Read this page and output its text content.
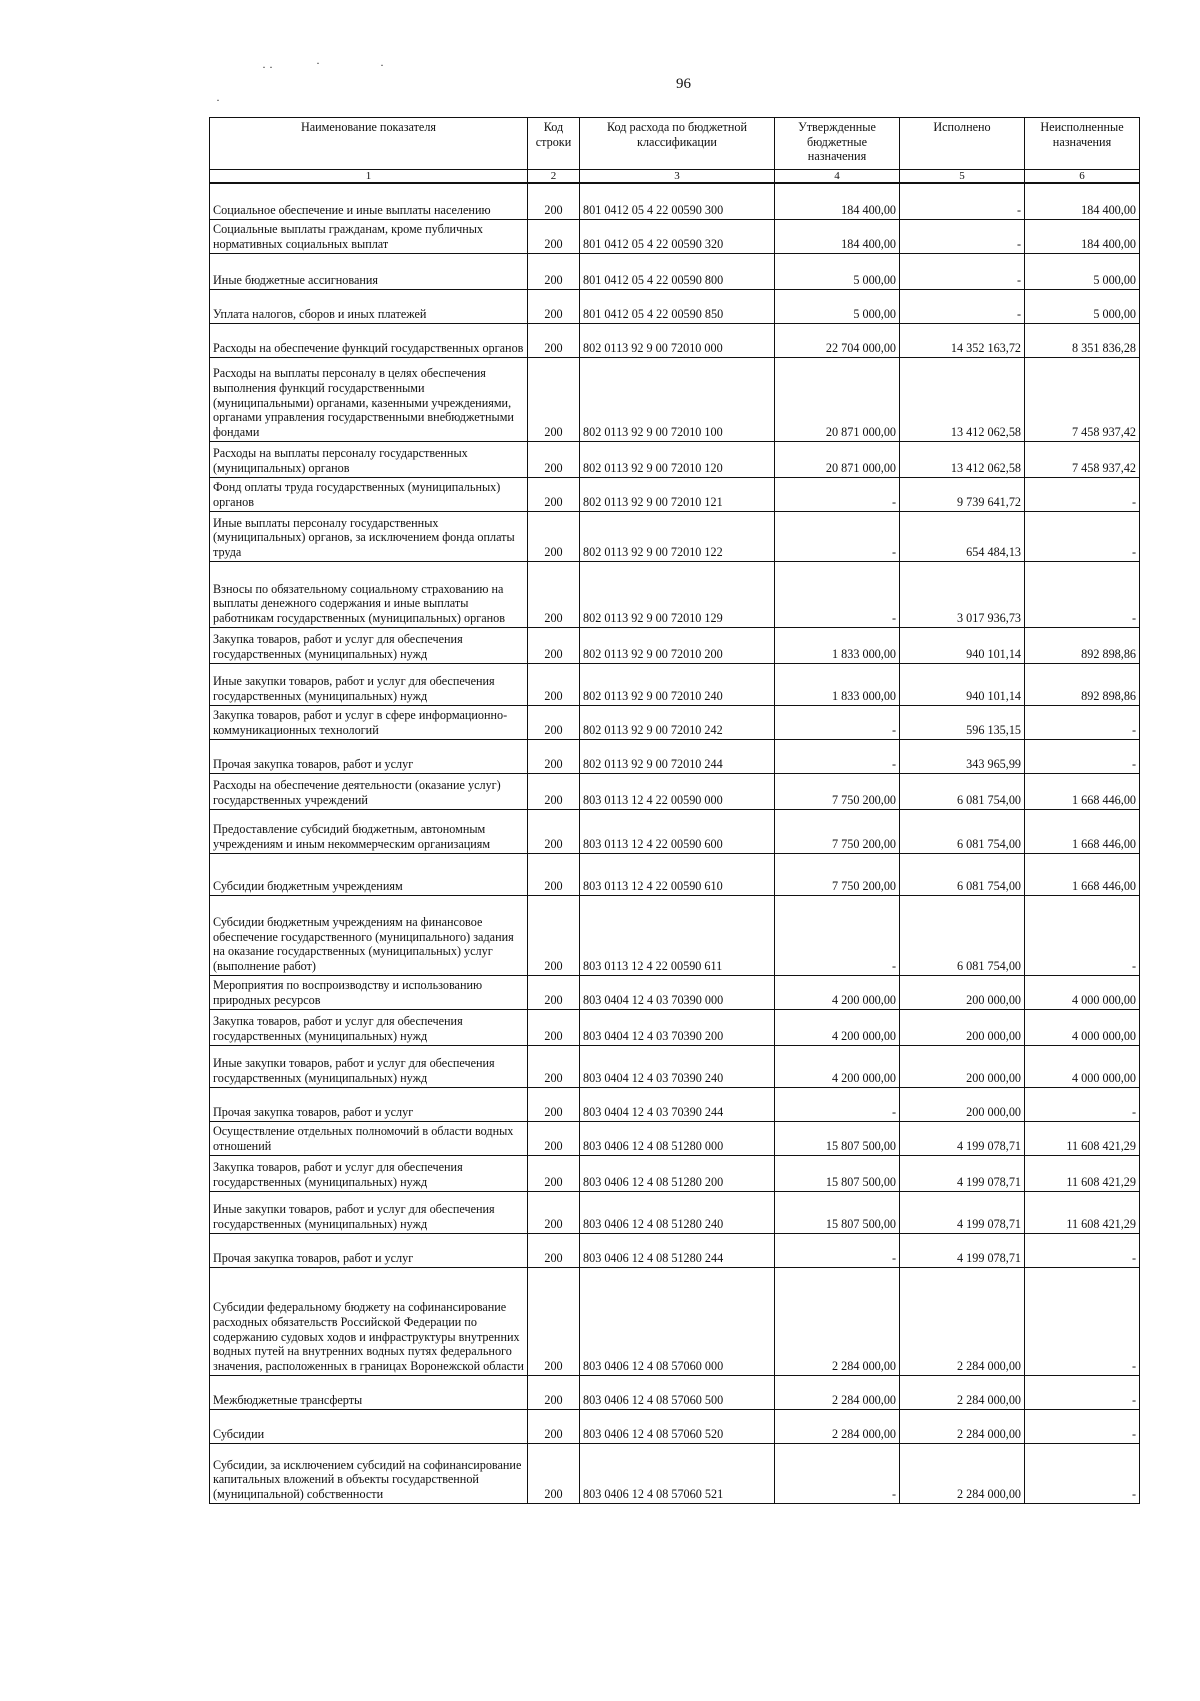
· ·	·	·
·
96
Наименование показателя	Код строки	Код расхода по бюджетной классификации	Утвержденные бюджетные назначения	Исполнено	Неисполненные назначения
1	2	3	4	5	6
Социальное обеспечение и иные выплаты населению	200	801 0412 05 4 22 00590 300	184 400,00	-	184 400,00
Социальные выплаты гражданам, кроме публичных нормативных социальных выплат	200	801 0412 05 4 22 00590 320	184 400,00	-	184 400,00
Иные бюджетные ассигнования	200	801 0412 05 4 22 00590 800	5 000,00	-	5 000,00
Уплата налогов, сборов и иных платежей	200	801 0412 05 4 22 00590 850	5 000,00	-	5 000,00
Расходы на обеспечение функций государственных органов	200	802 0113 92 9 00 72010 000	22 704 000,00	14 352 163,72	8 351 836,28
Расходы на выплаты персоналу в целях обеспечения выполнения функций государственными (муниципальными) органами, казенными учреждениями, органами управления государственными внебюджетными фондами	200	802 0113 92 9 00 72010 100	20 871 000,00	13 412 062,58	7 458 937,42
Расходы на выплаты персоналу государственных (муниципальных) органов	200	802 0113 92 9 00 72010 120	20 871 000,00	13 412 062,58	7 458 937,42
Фонд оплаты труда государственных (муниципальных) органов	200	802 0113 92 9 00 72010 121	-	9 739 641,72	-
Иные выплаты персоналу государственных (муниципальных) органов, за исключением фонда оплаты труда	200	802 0113 92 9 00 72010 122	-	654 484,13	-
Взносы по обязательному социальному страхованию на выплаты денежного содержания и иные выплаты работникам государственных (муниципальных) органов	200	802 0113 92 9 00 72010 129	-	3 017 936,73	-
Закупка товаров, работ и услуг для обеспечения государственных (муниципальных) нужд	200	802 0113 92 9 00 72010 200	1 833 000,00	940 101,14	892 898,86
Иные закупки товаров, работ и услуг для обеспечения государственных (муниципальных) нужд	200	802 0113 92 9 00 72010 240	1 833 000,00	940 101,14	892 898,86
Закупка товаров, работ и услуг в сфере информационно-коммуникационных технологий	200	802 0113 92 9 00 72010 242	-	596 135,15	-
Прочая закупка товаров, работ и услуг	200	802 0113 92 9 00 72010 244	-	343 965,99	-
Расходы на обеспечение деятельности (оказание услуг) государственных учреждений	200	803 0113 12 4 22 00590 000	7 750 200,00	6 081 754,00	1 668 446,00
Предоставление субсидий бюджетным, автономным учреждениям и иным некоммерческим организациям	200	803 0113 12 4 22 00590 600	7 750 200,00	6 081 754,00	1 668 446,00
Субсидии бюджетным учреждениям	200	803 0113 12 4 22 00590 610	7 750 200,00	6 081 754,00	1 668 446,00
Субсидии бюджетным учреждениям на финансовое обеспечение государственного (муниципального) задания на оказание государственных (муниципальных) услуг (выполнение работ)	200	803 0113 12 4 22 00590 611	-	6 081 754,00	-
Мероприятия по воспроизводству и использованию природных ресурсов	200	803 0404 12 4 03 70390 000	4 200 000,00	200 000,00	4 000 000,00
Закупка товаров, работ и услуг для обеспечения государственных (муниципальных) нужд	200	803 0404 12 4 03 70390 200	4 200 000,00	200 000,00	4 000 000,00
Иные закупки товаров, работ и услуг для обеспечения государственных (муниципальных) нужд	200	803 0404 12 4 03 70390 240	4 200 000,00	200 000,00	4 000 000,00
Прочая закупка товаров, работ и услуг	200	803 0404 12 4 03 70390 244	-	200 000,00	-
Осуществление отдельных полномочий в области водных отношений	200	803 0406 12 4 08 51280 000	15 807 500,00	4 199 078,71	11 608 421,29
Закупка товаров, работ и услуг для обеспечения государственных (муниципальных) нужд	200	803 0406 12 4 08 51280 200	15 807 500,00	4 199 078,71	11 608 421,29
Иные закупки товаров, работ и услуг для обеспечения государственных (муниципальных) нужд	200	803 0406 12 4 08 51280 240	15 807 500,00	4 199 078,71	11 608 421,29
Прочая закупка товаров, работ и услуг	200	803 0406 12 4 08 51280 244	-	4 199 078,71	-
Субсидии федеральному бюджету на софинансирование расходных обязательств Российской Федерации по содержанию судовых ходов и инфраструктуры внутренних водных путей на внутренних водных путях федерального значения, расположенных в границах Воронежской области	200	803 0406 12 4 08 57060 000	2 284 000,00	2 284 000,00	-
Межбюджетные трансферты	200	803 0406 12 4 08 57060 500	2 284 000,00	2 284 000,00	-
Субсидии	200	803 0406 12 4 08 57060 520	2 284 000,00	2 284 000,00	-
Субсидии, за исключением субсидий на софинансирование капитальных вложений в объекты государственной (муниципальной) собственности	200	803 0406 12 4 08 57060 521	-	2 284 000,00	-
